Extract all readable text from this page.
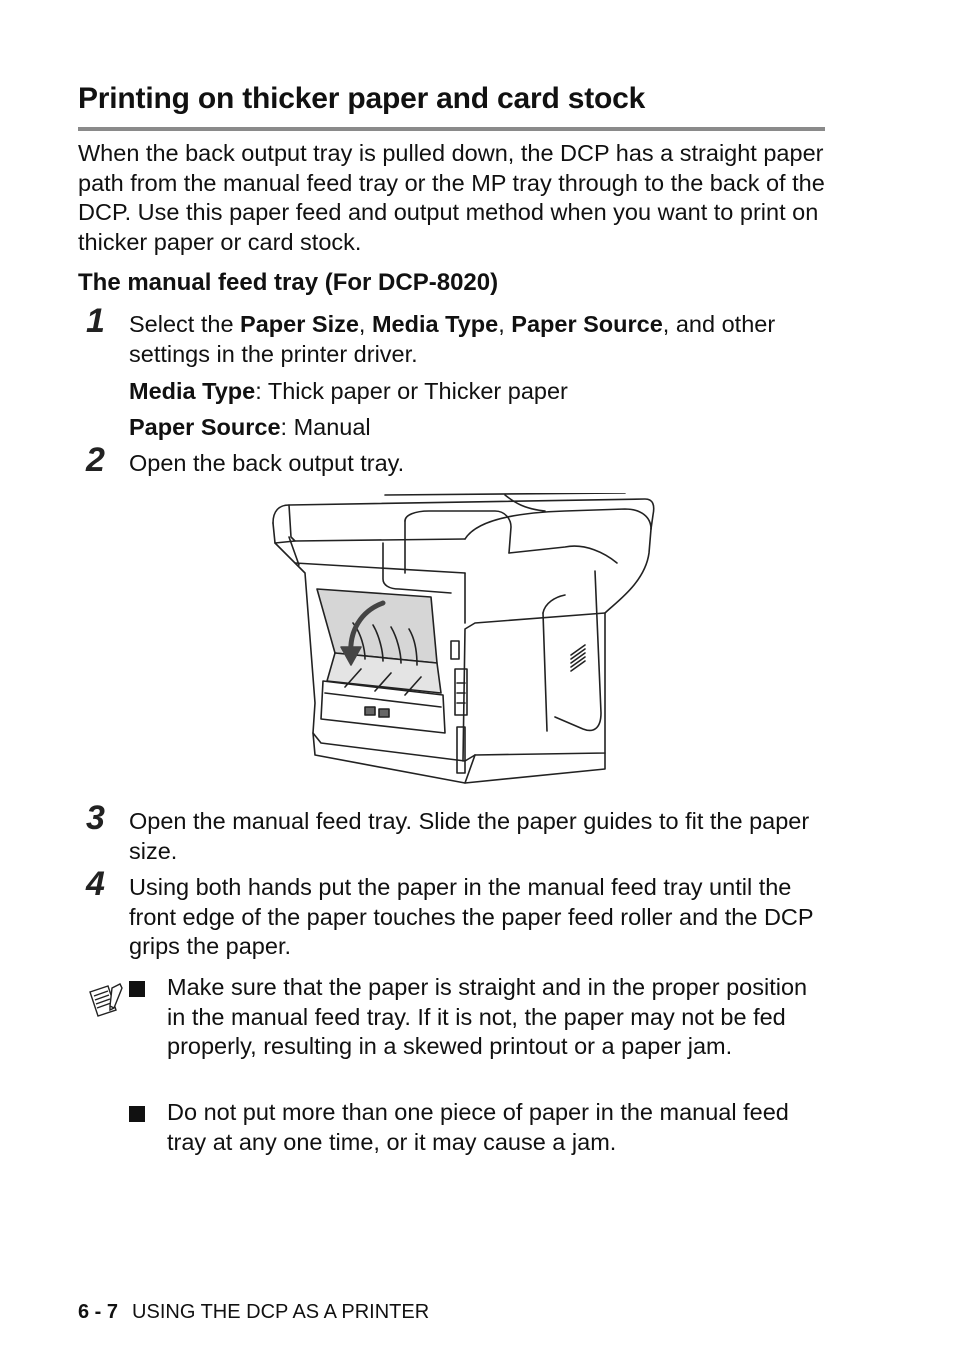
Printing on thicker paper and card stock
When the back output tray is pulled down, the DCP has a straight paper path from the manual feed tray or the MP tray through to the back of the DCP. Use this paper feed and output method when you want to print on thicker paper or card stock.
The manual feed tray (For DCP-8020)
1 Select the Paper Size, Media Type, Paper Source, and other settings in the printer driver.
Media Type: Thick paper or Thicker paper
Paper Source: Manual
2 Open the back output tray.
3 Open the manual feed tray. Slide the paper guides to fit the paper size.
4 Using both hands put the paper in the manual feed tray until the front edge of the paper touches the paper feed roller and the DCP grips the paper.
Make sure that the paper is straight and in the proper position in the manual feed tray. If it is not, the paper may not be fed properly, resulting in a skewed printout or a paper jam.
Do not put more than one piece of paper in the manual feed tray at any one time, or it may cause a jam.
6 - 7 USING THE DCP AS A PRINTER
